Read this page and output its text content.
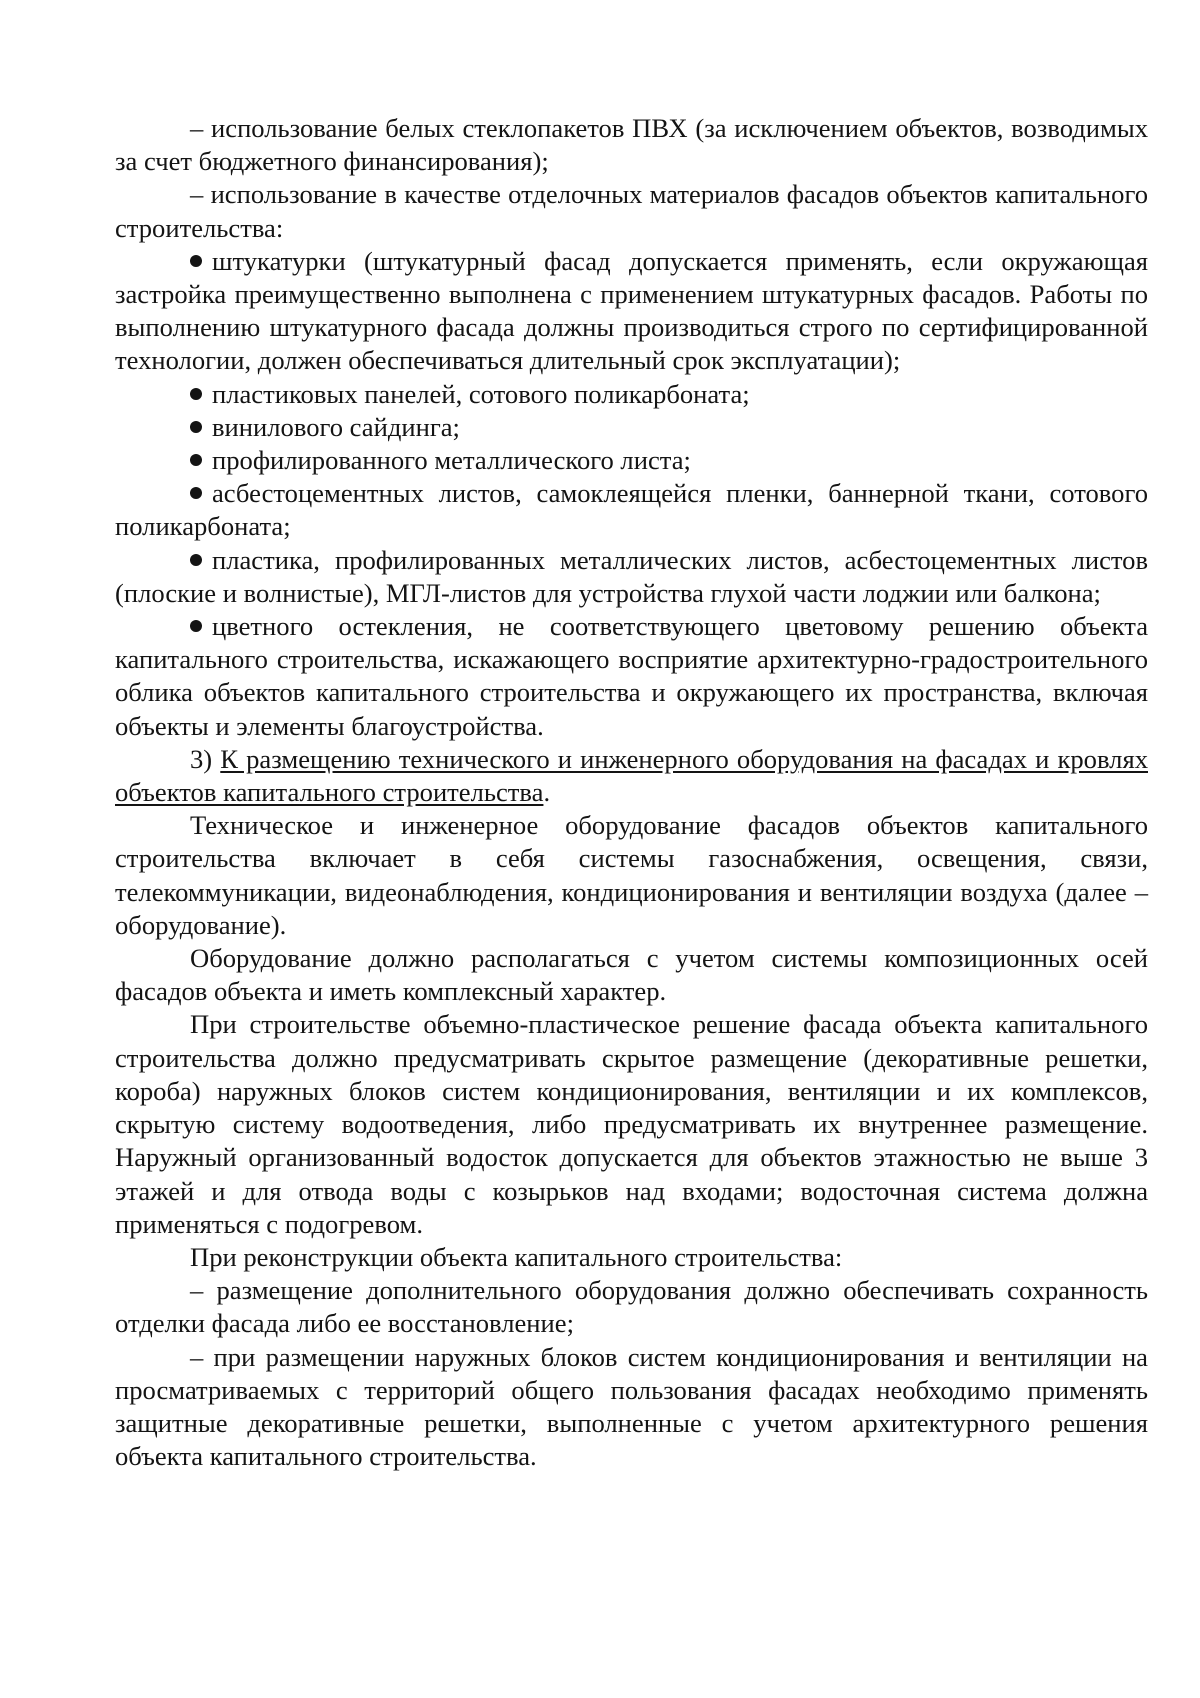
– использование белых стеклопакетов ПВХ (за исключением объектов, возводимых за счет бюджетного финансирования);

– использование в качестве отделочных материалов фасадов объектов капитального строительства:

штукатурки (штукатурный фасад допускается применять, если окружающая застройка преимущественно выполнена с применением штукатурных фасадов. Работы по выполнению штукатурного фасада должны производиться строго по сертифицированной технологии, должен обеспечиваться длительный срок эксплуатации);

пластиковых панелей, сотового поликарбоната;

винилового сайдинга;

профилированного металлического листа;

асбестоцементных листов, самоклеящейся пленки, баннерной ткани, сотового поликарбоната;

пластика, профилированных металлических листов, асбестоцементных листов (плоские и волнистые), МГЛ-листов для устройства глухой части лоджии или балкона;

цветного остекления, не соответствующего цветовому решению объекта капитального строительства, искажающего восприятие архитектурно-градостроительного облика объектов капитального строительства и окружающего их пространства, включая объекты и элементы благоустройства.

3) К размещению технического и инженерного оборудования на фасадах и кровлях объектов капитального строительства.

Техническое и инженерное оборудование фасадов объектов капитального строительства включает в себя системы газоснабжения, освещения, связи, телекоммуникации, видеонаблюдения, кондиционирования и вентиляции воздуха (далее – оборудование).

Оборудование должно располагаться с учетом системы композиционных осей фасадов объекта и иметь комплексный характер.

При строительстве объемно-пластическое решение фасада объекта капитального строительства должно предусматривать скрытое размещение (декоративные решетки, короба) наружных блоков систем кондиционирования, вентиляции и их комплексов, скрытую систему водоотведения, либо предусматривать их внутреннее размещение. Наружный организованный водосток допускается для объектов этажностью не выше 3 этажей и для отвода воды с козырьков над входами; водосточная система должна применяться с подогревом.

При реконструкции объекта капитального строительства:

– размещение дополнительного оборудования должно обеспечивать сохранность отделки фасада либо ее восстановление;

– при размещении наружных блоков систем кондиционирования и вентиляции на просматриваемых с территорий общего пользования фасадах необходимо применять защитные декоративные решетки, выполненные с учетом архитектурного решения объекта капитального строительства.
